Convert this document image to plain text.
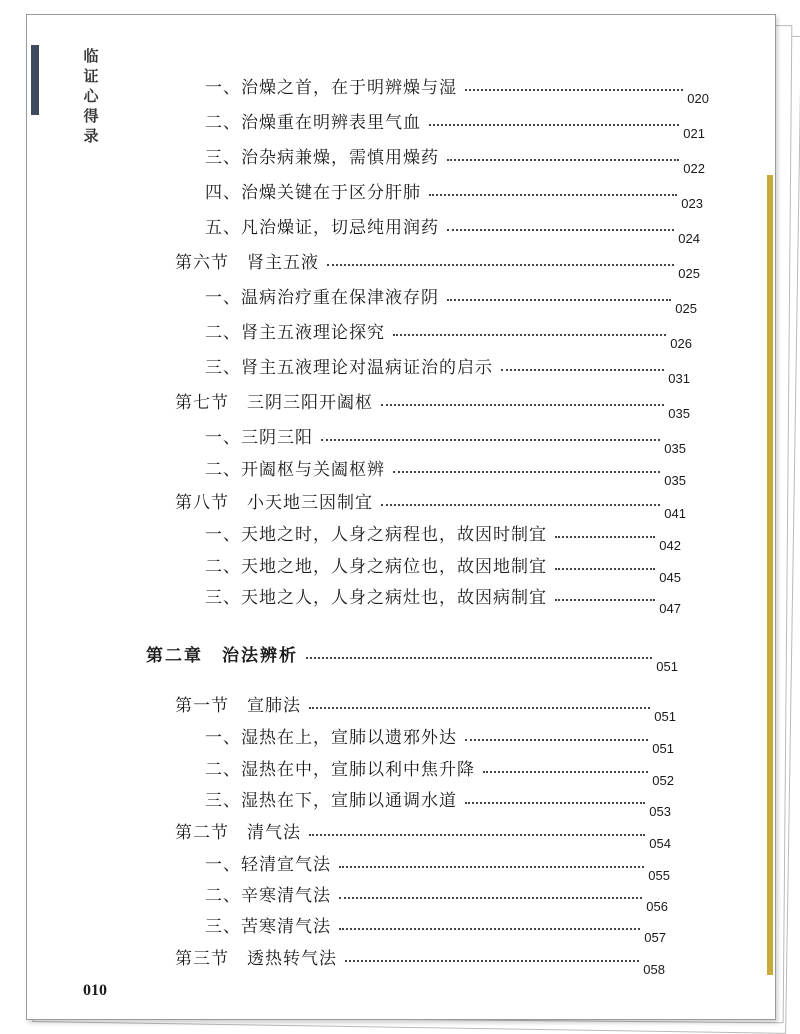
临
证
心
得
录
一、治燥之首，在于明辨燥与湿
020
二、治燥重在明辨表里气血
021
三、治杂病兼燥，需慎用燥药
022
四、治燥关键在于区分肝肺
023
五、凡治燥证，切忌纯用润药
024
第六节　肾主五液
025
一、温病治疗重在保津液存阴
025
二、肾主五液理论探究
026
三、肾主五液理论对温病证治的启示
031
第七节　三阴三阳开阖枢
035
一、三阴三阳
035
二、开阖枢与关阖枢辨
035
第八节　小天地三因制宜
041
一、天地之时，人身之病程也，故因时制宜
042
二、天地之地，人身之病位也，故因地制宜
045
三、天地之人，人身之病灶也，故因病制宜
047
第二章　治法辨析
051
第一节　宣肺法
051
一、湿热在上，宣肺以遗邪外达
051
二、湿热在中，宣肺以利中焦升降
052
三、湿热在下，宣肺以通调水道
053
第二节　清气法
054
一、轻清宣气法
055
二、辛寒清气法
056
三、苦寒清气法
057
第三节　透热转气法
058
010
